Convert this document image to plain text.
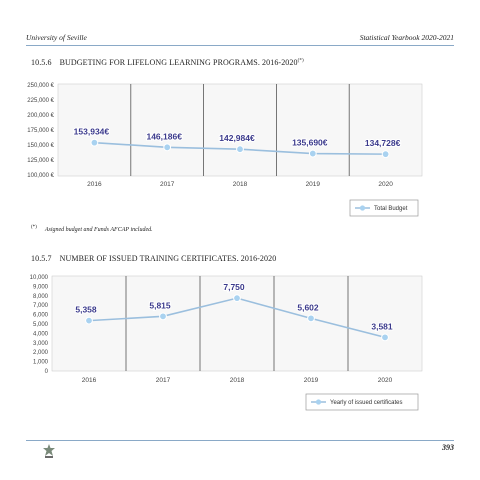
University of Seville	Statistical Yearbook 2020-2021
10.5.6 BUDGETING FOR LIFELONG LEARNING PROGRAMS. 2016-2020(*)
250,000 €
225,000 €
200,000 €
175,000 €
150,000 €
125,000 €
100,000 €
2016	2017	2018	2019	2020
153,934€	146,186€	142,984€	135,690€	134,728€
Total Budget
10,000
9,000
8,000
7,000
6,000
5,000
4,000
3,000
2,000
1,000
0
2016	2017	2018	2019	2020
5,358	5,815
7,750
5,602
3,581
Yearly of issued certificates
(*) Asigned budget and Funds AFCAP included.
10.5.7 NUMBER OF ISSUED TRAINING CERTIFICATES. 2016-2020
393
